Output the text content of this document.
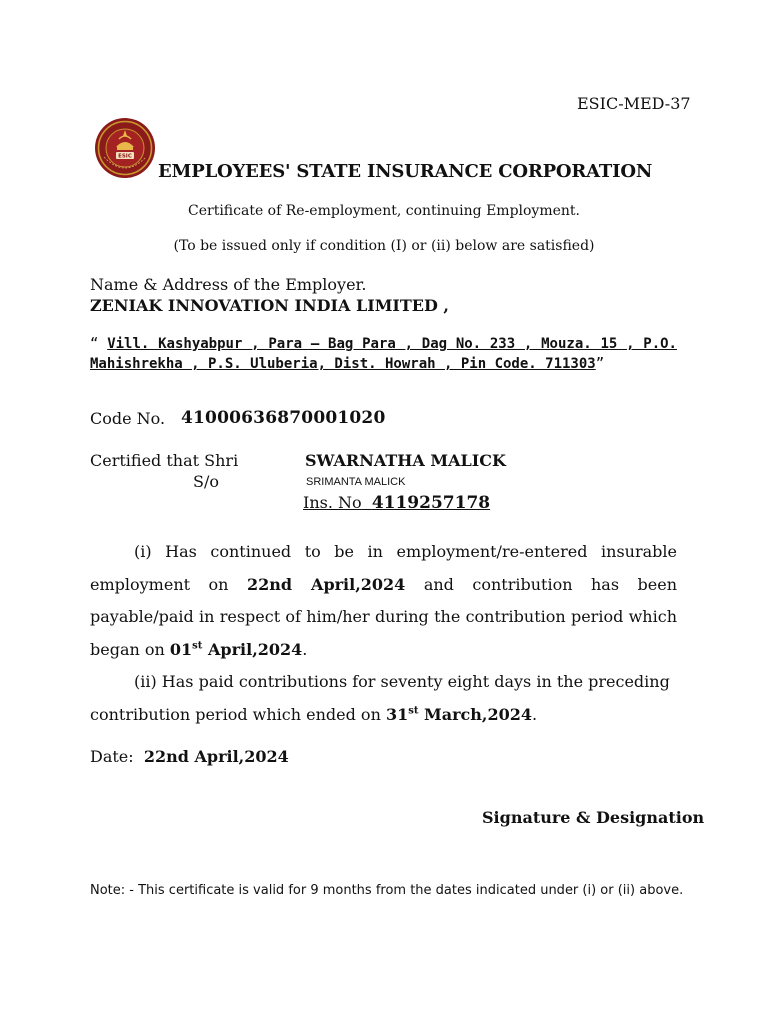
ESIC-MED-37
ESIC
EMPLOYEES' STATE INSURANCE CORPORATION
Certificate of Re-employment, continuing Employment.
(To be issued only if condition (I) or (ii) below are satisfied)
Name & Address of the Employer.
ZENIAK INNOVATION INDIA LIMITED ,
“ Vill. Kashyabpur , Para – Bag Para , Dag No. 233 , Mouza. 15 , P.O. Mahishrekha , P.S. Uluberia, Dist. Howrah , Pin Code. 711303”
Code No. 41000636870001020
Certified that Shri	SWARNATHA MALICK
S/o	SRIMANTA MALICK
Ins. No 4119257178
(i) Has continued to be in employment/re-entered insurable employment on 22nd April,2024 and contribution has been payable/paid in respect of him/her during the contribution period which began on 01st April,2024.
(ii) Has paid contributions for seventy eight days in the preceding contribution period which ended on 31st March,2024.
Date: 22nd April,2024
Signature & Designation
Note: - This certificate is valid for 9 months from the dates indicated under (i) or (ii) above.
